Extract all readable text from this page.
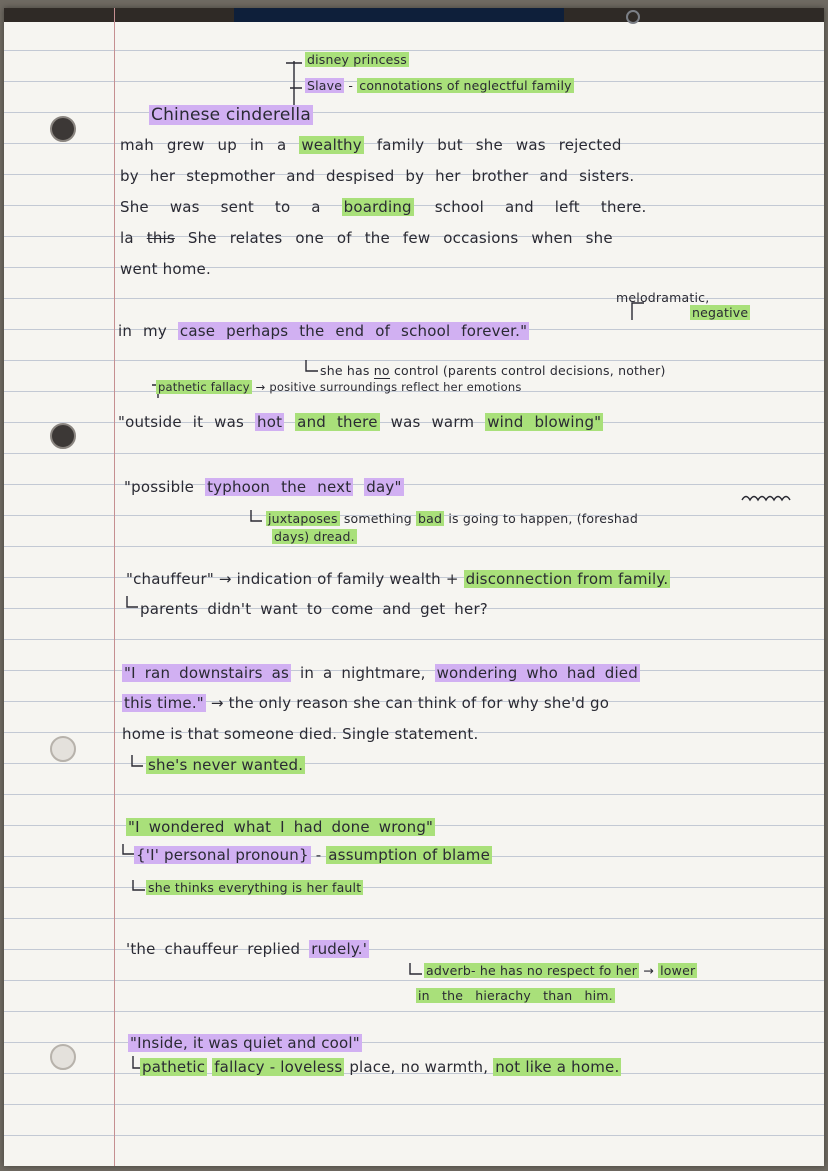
disney princess
Slave - connotations of neglectful family
Chinese cinderella
mah grew up in a wealthy family but she was rejected
by her stepmother and despised by her brother and sisters.
She was sent to a boarding school and left there.
la this She relates one of the few occasions when she
went home.
melodramatic,
negative
in my case perhaps the end of school forever."
she has no control (parents control decisions, nother)
pathetic fallacy → positive surroundings reflect her emotions
"outside it was hot and there was warm wind blowing"
"possible typhoon the next day"
juxtaposes something bad is going to happen, (foreshad
days) dread.
"chauffeur" → indication of family wealth + disconnection from family.
parents didn't want to come and get her?
"I ran downstairs as in a nightmare, wondering who had died
this time." → the only reason she can think of for why she'd go
home is that someone died. Single statement.
she's never wanted.
"I wondered what I had done wrong"
{'I' personal pronoun} - assumption of blame
she thinks everything is her fault
'the chauffeur replied rudely.'
adverb- he has no respect fo her → lower
in the hierachy than him.
"Inside, it was quiet and cool"
pathetic fallacy - loveless place, no warmth, not like a home.
